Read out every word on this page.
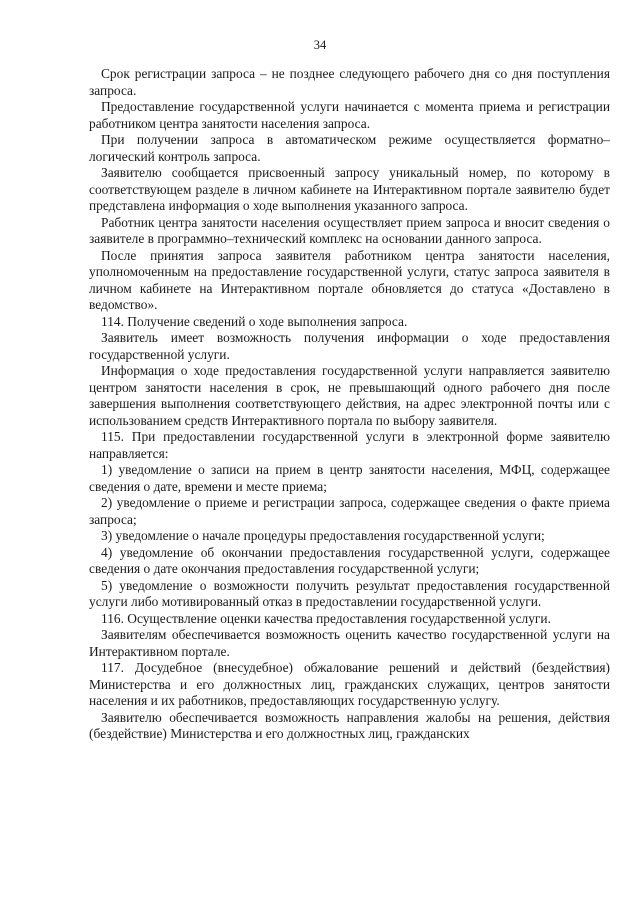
34

Срок регистрации запроса – не позднее следующего рабочего дня со дня поступления запроса.

Предоставление государственной услуги начинается с момента приема и регистрации работником центра занятости населения запроса.

При получении запроса в автоматическом режиме осуществляется форматно–логический контроль запроса.

Заявителю сообщается присвоенный запросу уникальный номер, по которому в соответствующем разделе в личном кабинете на Интерактивном портале заявителю будет представлена информация о ходе выполнения указанного запроса.

Работник центра занятости населения осуществляет прием запроса и вносит сведения о заявителе в программно–технический комплекс на основании данного запроса.

После принятия запроса заявителя работником центра занятости населения, уполномоченным на предоставление государственной услуги, статус запроса заявителя в личном кабинете на Интерактивном портале обновляется до статуса «Доставлено в ведомство».

114. Получение сведений о ходе выполнения запроса.

Заявитель имеет возможность получения информации о ходе предоставления государственной услуги.

Информация о ходе предоставления государственной услуги направляется заявителю центром занятости населения в срок, не превышающий одного рабочего дня после завершения выполнения соответствующего действия, на адрес электронной почты или с использованием средств Интерактивного портала по выбору заявителя.

115. При предоставлении государственной услуги в электронной форме заявителю направляется:

1) уведомление о записи на прием в центр занятости населения, МФЦ, содержащее сведения о дате, времени и месте приема;

2) уведомление о приеме и регистрации запроса, содержащее сведения о факте приема запроса;

3) уведомление о начале процедуры предоставления государственной услуги;

4) уведомление об окончании предоставления государственной услуги, содержащее сведения о дате окончания предоставления государственной услуги;

5) уведомление о возможности получить результат предоставления государственной услуги либо мотивированный отказ в предоставлении государственной услуги.

116. Осуществление оценки качества предоставления государственной услуги.

Заявителям обеспечивается возможность оценить качество государственной услуги на Интерактивном портале.

117. Досудебное (внесудебное) обжалование решений и действий (бездействия) Министерства и его должностных лиц, гражданских служащих, центров занятости населения и их работников, предоставляющих государственную услугу.

Заявителю обеспечивается возможность направления жалобы на решения, действия (бездействие) Министерства и его должностных лиц, гражданских
